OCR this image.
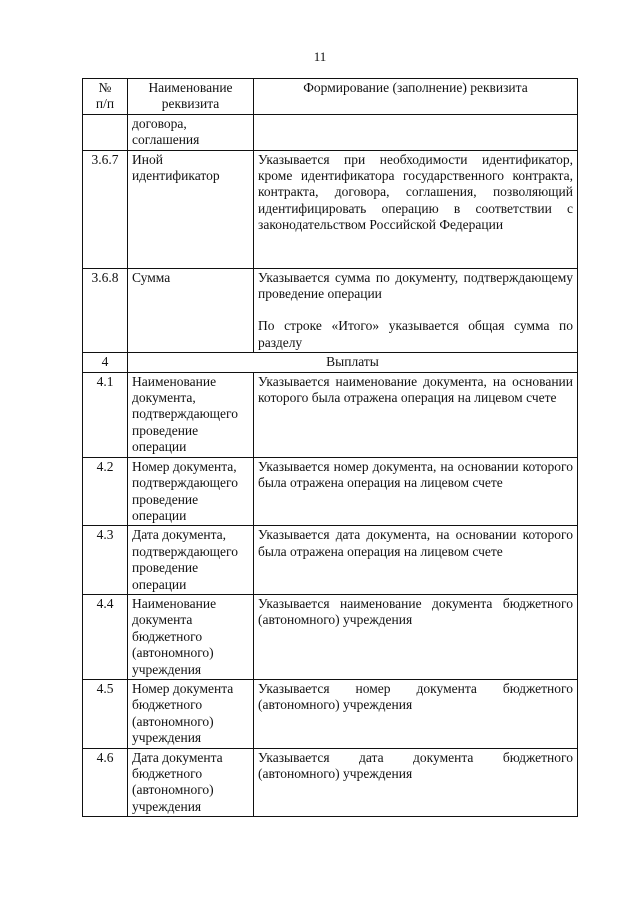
11
№
п/п	Наименование реквизита	Формирование (заполнение) реквизита
	договора, соглашения	
3.6.7	Иной идентификатор	Указывается при необходимости идентификатор, кроме идентификатора государственного контракта, контракта, договора, соглашения, позволяющий идентифицировать операцию в соответствии с законодательством Российской Федерации
3.6.8	Сумма	Указывается сумма по документу, подтверждающему проведение операции

По строке «Итого» указывается общая сумма по разделу

4	Выплаты	
4.1	Наименование документа, подтверждающего проведение операции	Указывается наименование документа, на основании которого была отражена операция на лицевом счете
4.2	Номер документа, подтверждающего проведение операции	Указывается номер документа, на основании которого была отражена операция на лицевом счете
4.3	Дата документа, подтверждающего проведение операции	Указывается дата документа, на основании которого была отражена операция на лицевом счете
4.4	Наименование документа бюджетного (автономного) учреждения	Указывается наименование документа бюджетного (автономного) учреждения
4.5	Номер документа бюджетного (автономного) учреждения	Указывается номер документа бюджетного (автономного) учреждения
4.6	Дата документа бюджетного (автономного) учреждения	Указывается дата документа бюджетного (автономного) учреждения
